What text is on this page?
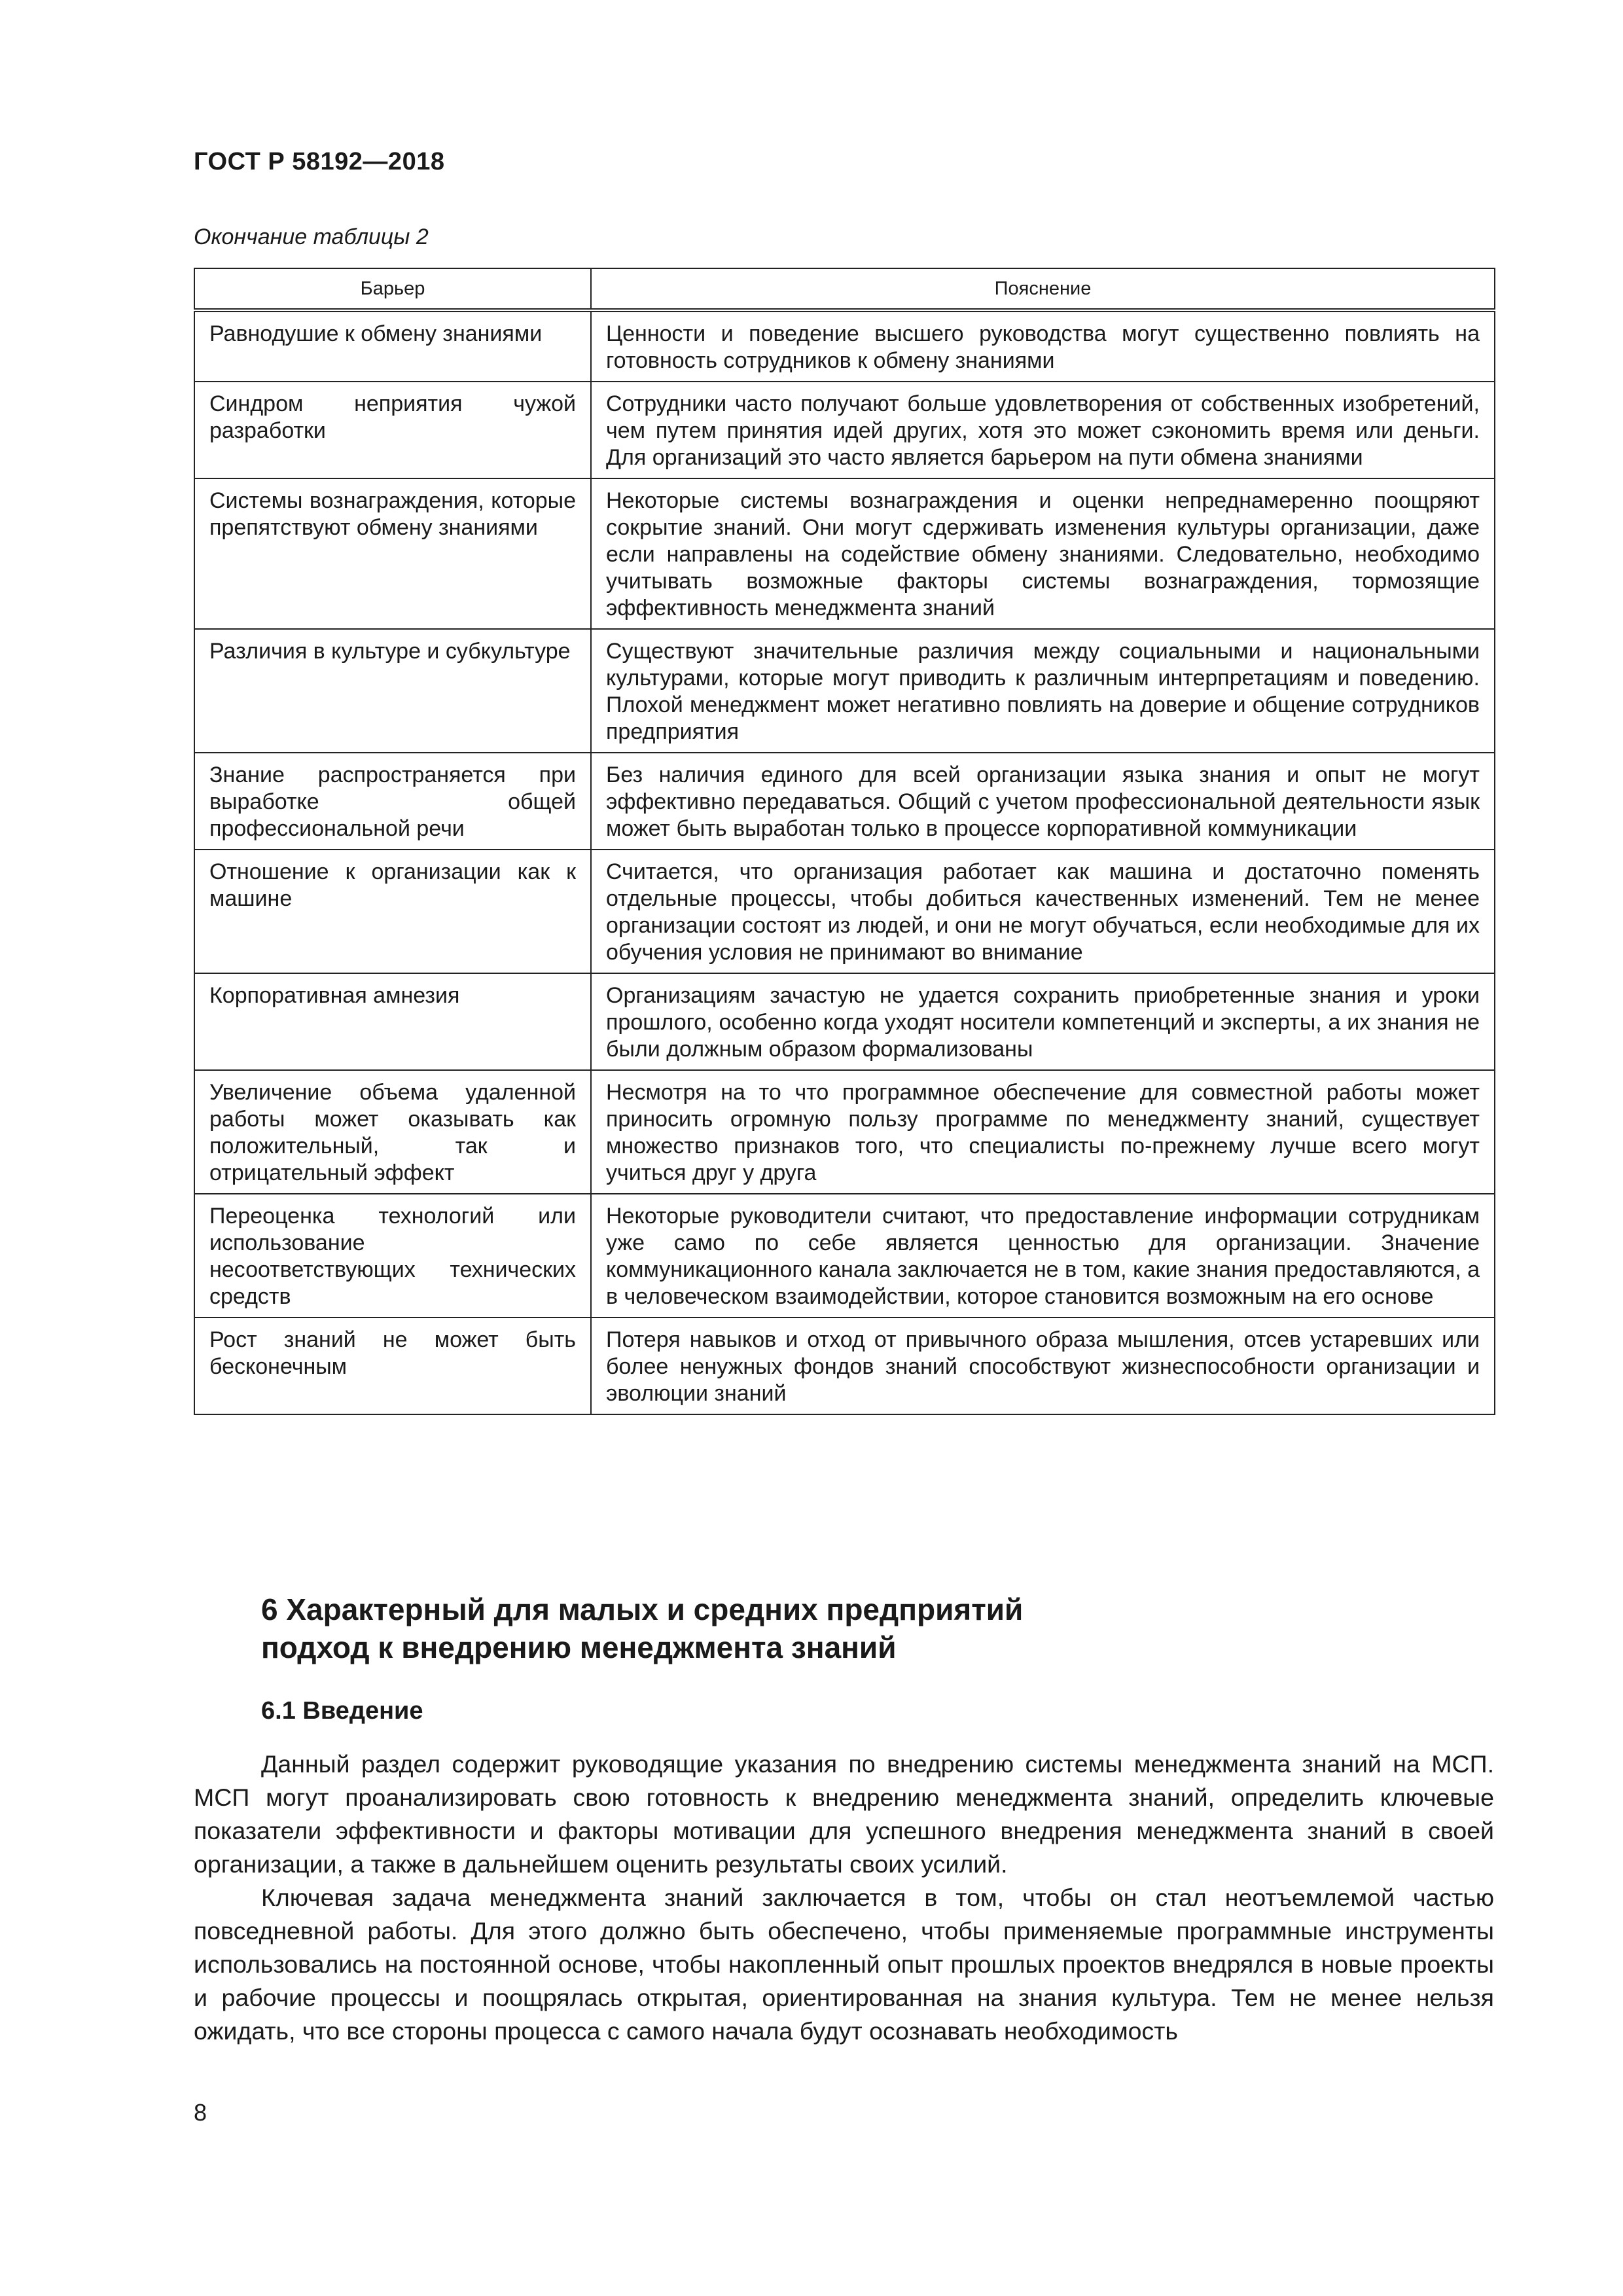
ГОСТ Р 58192—2018
Окончание таблицы 2
Барьер	Пояснение
Равнодушие к обмену знаниями	Ценности и поведение высшего руководства могут существенно повлиять на готовность сотрудников к обмену знаниями
Синдром неприятия чужой разработки	Сотрудники часто получают больше удовлетворения от собственных изобретений, чем путем принятия идей других, хотя это может сэкономить время или деньги. Для организаций это часто является барьером на пути обмена знаниями
Системы вознаграждения, которые препятствуют обмену знаниями	Некоторые системы вознаграждения и оценки непреднамеренно поощряют сокрытие знаний. Они могут сдерживать изменения культуры организации, даже если направлены на содействие обмену знаниями. Следовательно, необходимо учитывать возможные факторы системы вознаграждения, тормозящие эффективность менеджмента знаний
Различия в культуре и субкультуре	Существуют значительные различия между социальными и национальными культурами, которые могут приводить к различным интерпретациям и поведению. Плохой менеджмент может негативно повлиять на доверие и общение сотрудников предприятия
Знание распространяется при выработке общей профессиональной речи	Без наличия единого для всей организации языка знания и опыт не могут эффективно передаваться. Общий с учетом профессиональной деятельности язык может быть выработан только в процессе корпоративной коммуникации
Отношение к организации как к машине	Считается, что организация работает как машина и достаточно поменять отдельные процессы, чтобы добиться качественных изменений. Тем не менее организации состоят из людей, и они не могут обучаться, если необходимые для их обучения условия не принимают во внимание
Корпоративная амнезия	Организациям зачастую не удается сохранить приобретенные знания и уроки прошлого, особенно когда уходят носители компетенций и эксперты, а их знания не были должным образом формализованы
Увеличение объема удаленной работы может оказывать как положительный, так и отрицательный эффект	Несмотря на то что программное обеспечение для совместной работы может приносить огромную пользу программе по менеджменту знаний, существует множество признаков того, что специалисты по-прежнему лучше всего могут учиться друг у друга
Переоценка технологий или использование несоответствующих технических средств	Некоторые руководители считают, что предоставление информации сотрудникам уже само по себе является ценностью для организации. Значение коммуникационного канала заключается не в том, какие знания предоставляются, а в человеческом взаимодействии, которое становится возможным на его основе
Рост знаний не может быть бесконечным	Потеря навыков и отход от привычного образа мышления, отсев устаревших или более ненужных фондов знаний способствуют жизнеспособности организации и эволюции знаний
6 Характерный для малых и средних предприятий
подход к внедрению менеджмента знаний
6.1 Введение

Данный раздел содержит руководящие указания по внедрению системы менеджмента знаний на МСП. МСП могут проанализировать свою готовность к внедрению менеджмента знаний, определить ключевые показатели эффективности и факторы мотивации для успешного внедрения менеджмента знаний в своей организации, а также в дальнейшем оценить результаты своих усилий.

Ключевая задача менеджмента знаний заключается в том, чтобы он стал неотъемлемой частью повседневной работы. Для этого должно быть обеспечено, чтобы применяемые программные инструменты использовались на постоянной основе, чтобы накопленный опыт прошлых проектов внедрялся в новые проекты и рабочие процессы и поощрялась открытая, ориентированная на знания культура. Тем не менее нельзя ожидать, что все стороны процесса с самого начала будут осознавать необходимость

8
